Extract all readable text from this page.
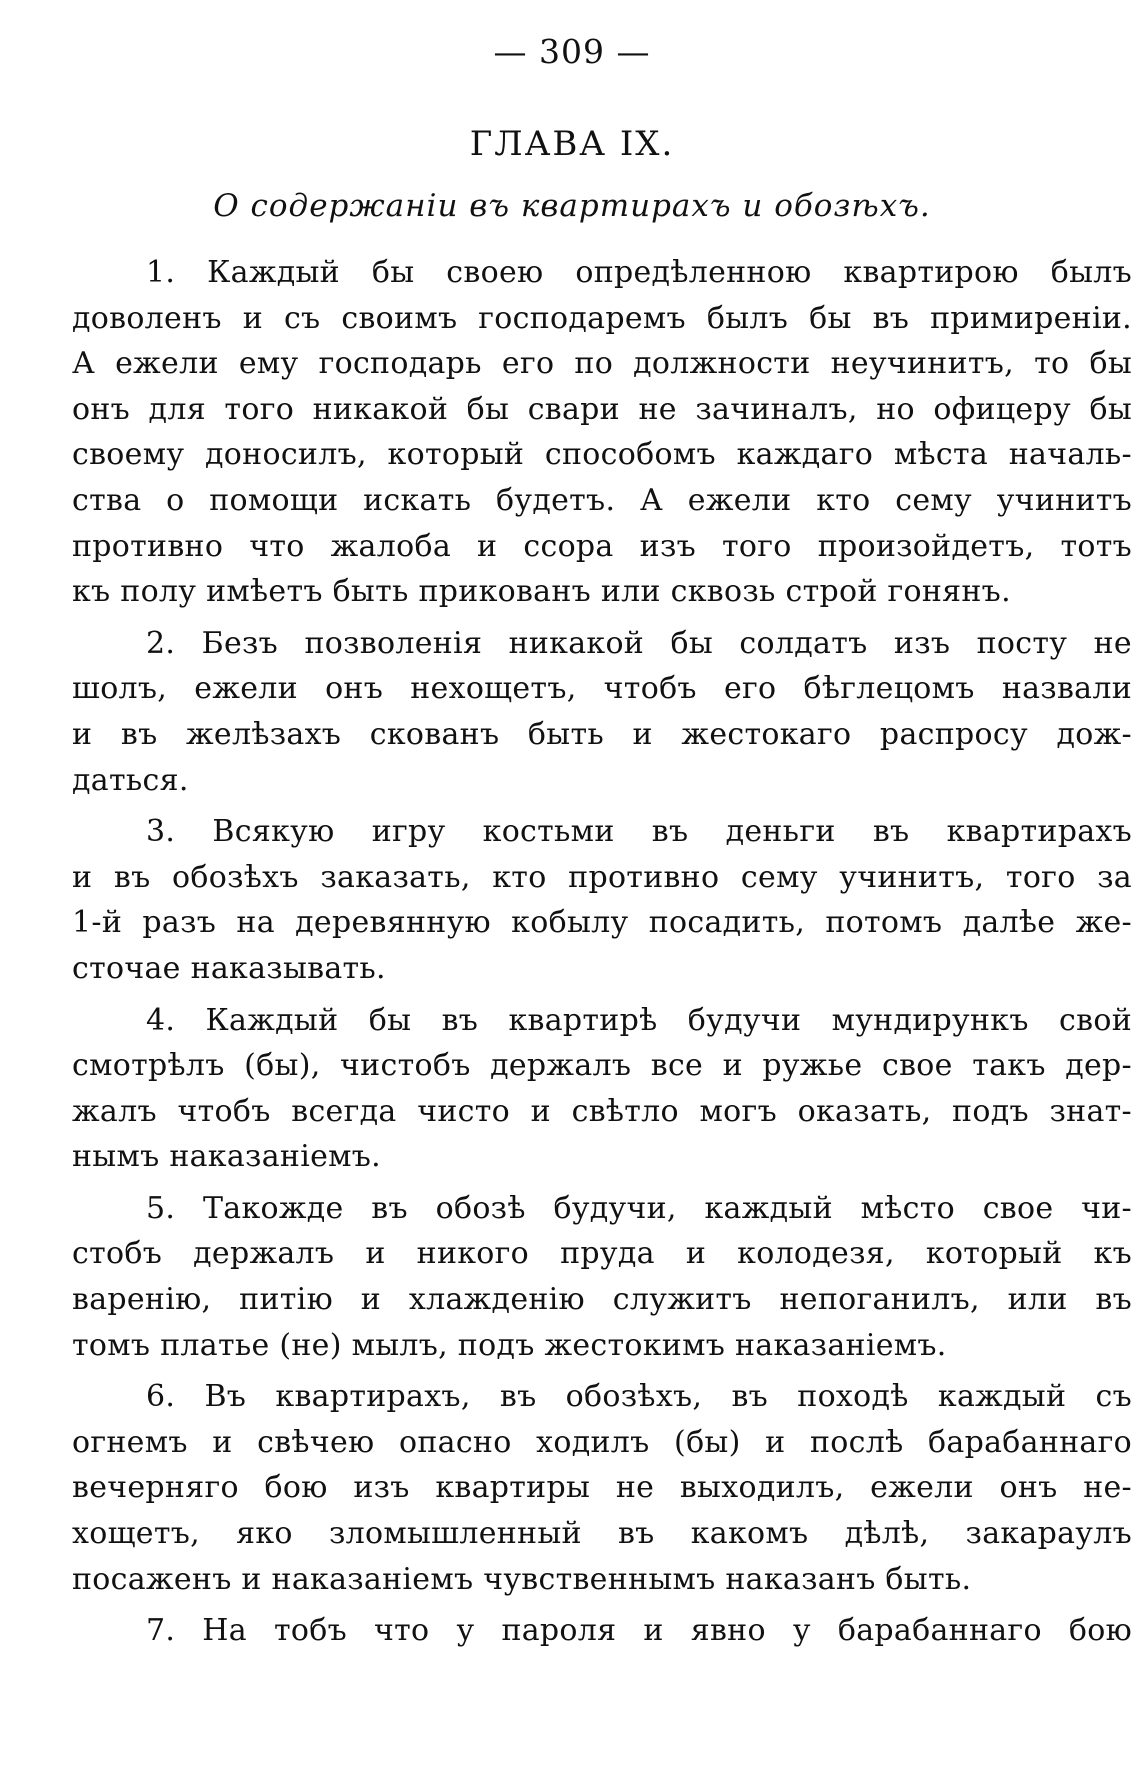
— 309 —
ГЛАВА IX.
О содержаніи въ квартирахъ и обозѣхъ.
1. Каждый бы своею опредѣленною квартирою былъ
доволенъ и съ своимъ господаремъ былъ бы въ примиреніи.
А ежели ему господарь его по должности неучинитъ, то бы
онъ для того никакой бы свари не зачиналъ, но офицеру бы
своему доносилъ, который способомъ каждаго мѣста началь-
ства о помощи искать будетъ. А ежели кто сему учинитъ
противно что жалоба и ссора изъ того произойдетъ, тотъ
къ полу имѣетъ быть прикованъ или сквозь строй гонянъ.
2. Безъ позволенія никакой бы солдатъ изъ посту не
шолъ, ежели онъ нехощетъ, чтобъ его бѣглецомъ назвали
и въ желѣзахъ скованъ быть и жестокаго распросу дож-
даться.
3. Всякую игру костьми въ деньги въ квартирахъ
и въ обозѣхъ заказать, кто противно сему учинитъ, того за
1-й разъ на деревянную кобылу посадить, потомъ далѣе же-
сточае наказывать.
4. Каждый бы въ квартирѣ будучи мундирункъ свой
смотрѣлъ (бы), чистобъ держалъ все и ружье свое такъ дер-
жалъ чтобъ всегда чисто и свѣтло могъ оказать, подъ знат-
нымъ наказаніемъ.
5. Такожде въ обозѣ будучи, каждый мѣсто свое чи-
стобъ держалъ и никого пруда и колодезя, который къ
варенію, питію и хлажденію служитъ непоганилъ, или въ
томъ платье (не) мылъ, подъ жестокимъ наказаніемъ.
6. Въ квартирахъ, въ обозѣхъ, въ походѣ каждый съ
огнемъ и свѣчею опасно ходилъ (бы) и послѣ барабаннаго
вечерняго бою изъ квартиры не выходилъ, ежели онъ не-
хощетъ, яко зломышленный въ какомъ дѣлѣ, закараулъ
посаженъ и наказаніемъ чувственнымъ наказанъ быть.
7. На тобъ что у пароля и явно у барабаннаго бою
